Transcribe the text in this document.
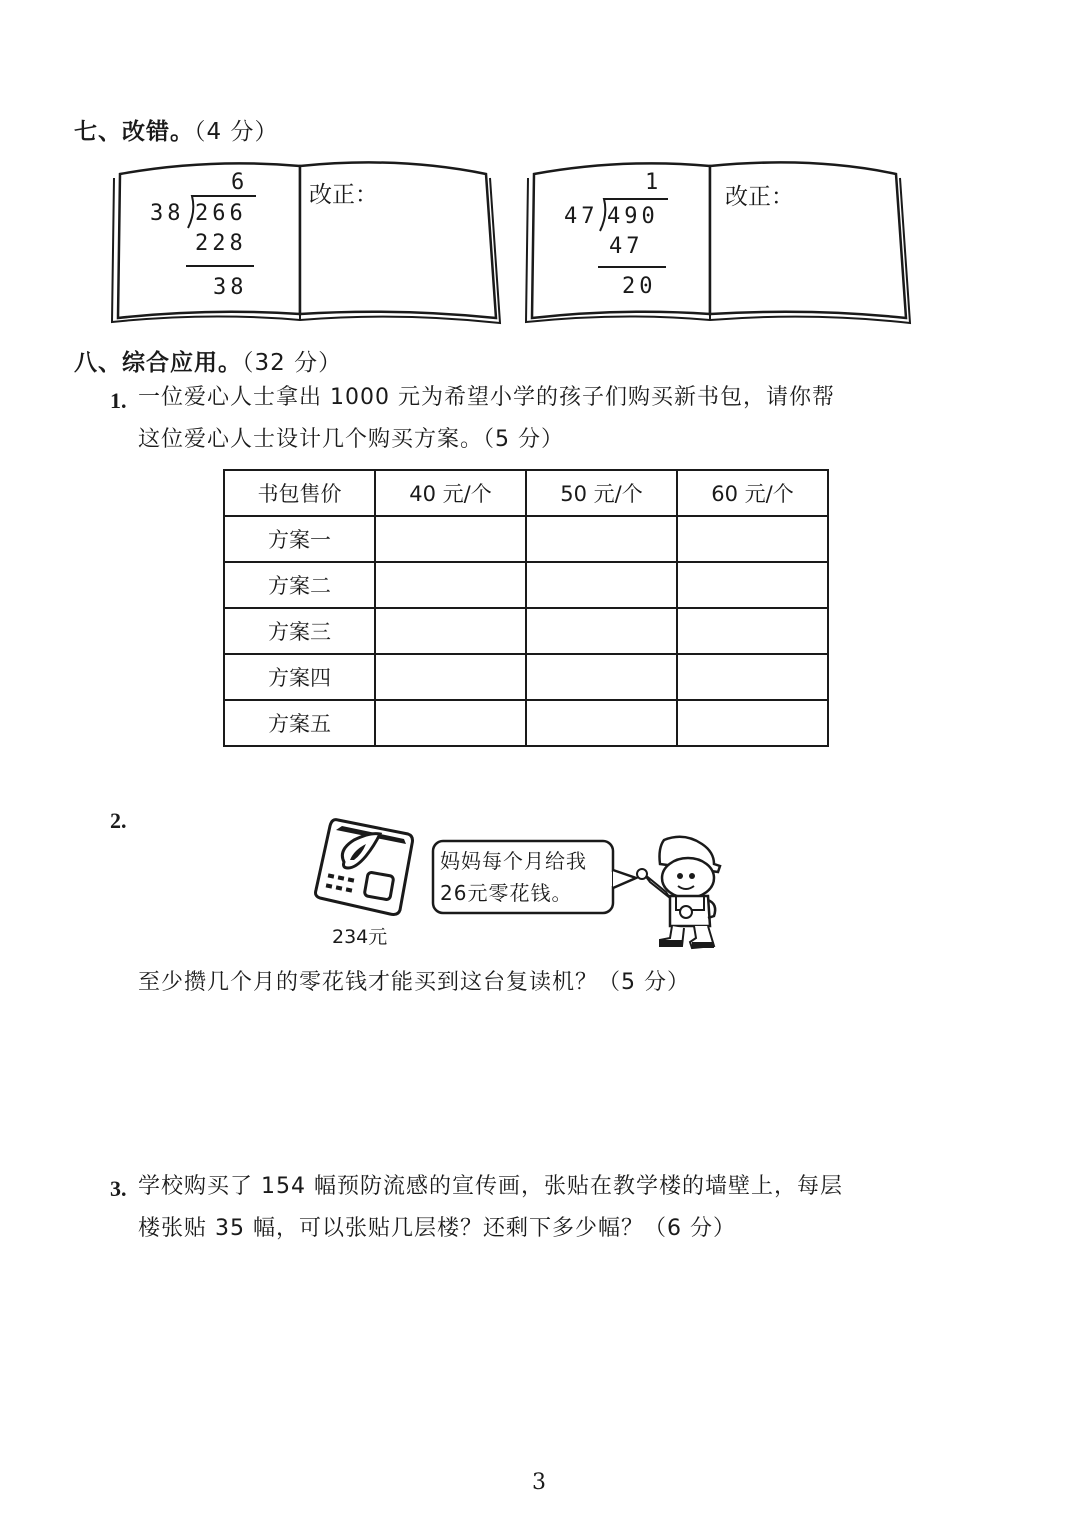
七、改错。（4 分）
6
38 266
228
38
改正：	1
47 490
47
20
改正：
八、综合应用。（32 分）
1. 一位爱心人士拿出 1000 元为希望小学的孩子们购买新书包，请你帮
这位爱心人士设计几个购买方案。（5 分）
书包售价	40 元/个	50 元/个	60 元/个
方案一			
方案二			
方案三			
方案四			
方案五			
2.
234元
妈妈每个月给我
26元零花钱。
至少攒几个月的零花钱才能买到这台复读机？（5 分）
3. 学校购买了 154 幅预防流感的宣传画，张贴在教学楼的墙壁上，每层
楼张贴 35 幅，可以张贴几层楼？还剩下多少幅？（6 分）
3
